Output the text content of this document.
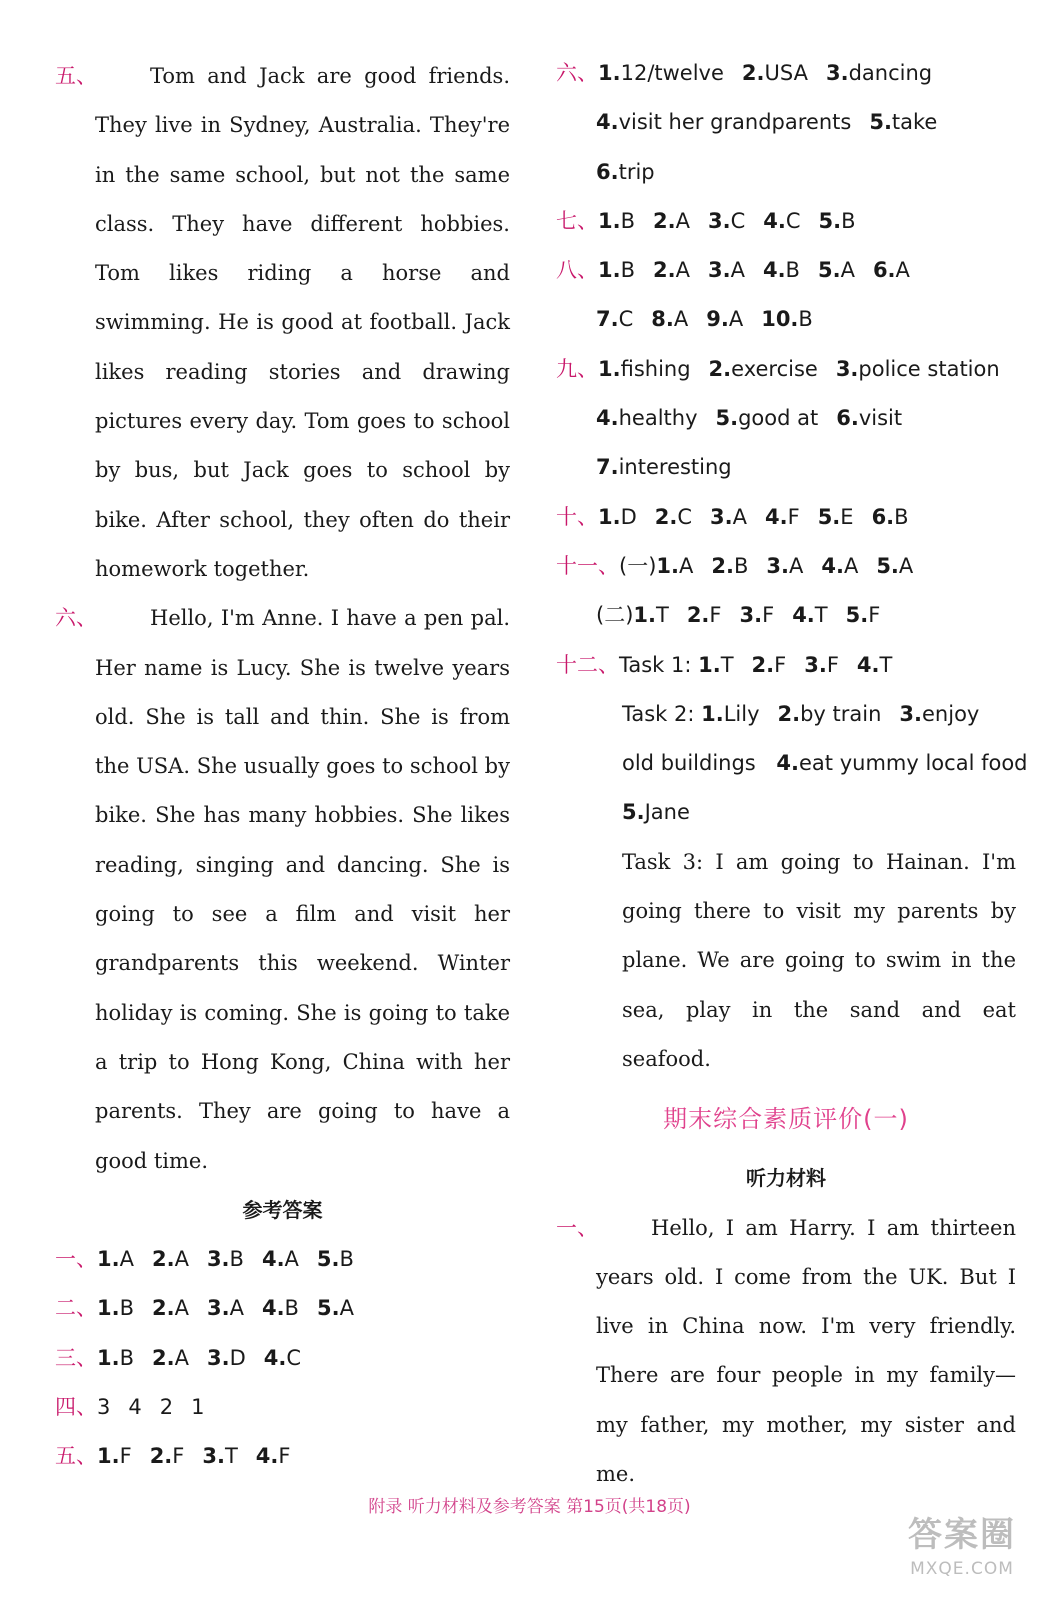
五、	Tom and Jack are good friends. They live in Sydney, Australia. They're in the same school, but not the same class. They have different hobbies. Tom likes riding a horse and swimming. He is good at football. Jack likes reading stories and drawing pictures every day. Tom goes to school by bus, but Jack goes to school by bike. After school, they often do their homework together.

六、	Hello, I'm Anne. I have a pen pal. Her name is Lucy. She is twelve years old. She is tall and thin. She is from the USA. She usually goes to school by bike. She has many hobbies. She likes reading, singing and dancing. She is going to see a film and visit her grandparents this weekend. Winter holiday is coming. She is going to take a trip to Hong Kong, China with her parents. They are going to have a good time.

参考答案
一、1.A 2.A 3.B 4.A 5.B
二、1.B 2.A 3.A 4.B 5.A
三、1.B 2.A 3.D 4.C
四、3 4 2 1
五、1.F 2.F 3.T 4.F
六、1.12/twelve 2.USA 3.dancing
4.visit her grandparents 5.take
6.trip
七、1.B 2.A 3.C 4.C 5.B
八、1.B 2.A 3.A 4.B 5.A 6.A
7.C 8.A 9.A 10.B
九、1.fishing 2.exercise 3.police station
4.healthy 5.good at 6.visit
7.interesting
十、1.D 2.C 3.A 4.F 5.E 6.B
十一、(一)1.A 2.B 3.A 4.A 5.A
(二)1.T 2.F 3.F 4.T 5.F
十二、Task 1: 1.T 2.F 3.F 4.T
Task 2: 1.Lily 2.by train 3.enjoy
old buildings 4.eat yummy local food
5.Jane

Task 3: I am going to Hainan. I'm going there to visit my parents by plane. We are going to swim in the sea, play in the sand and eat seafood.

期末综合素质评价(一)
听力材料
一、	Hello, I am Harry. I am thirteen years old. I come from the UK. But I live in China now. I'm very friendly. There are four people in my family—my father, my mother, my sister and me.

附录 听力材料及参考答案 第15页(共18页)
答案圈
MXQE.COM
